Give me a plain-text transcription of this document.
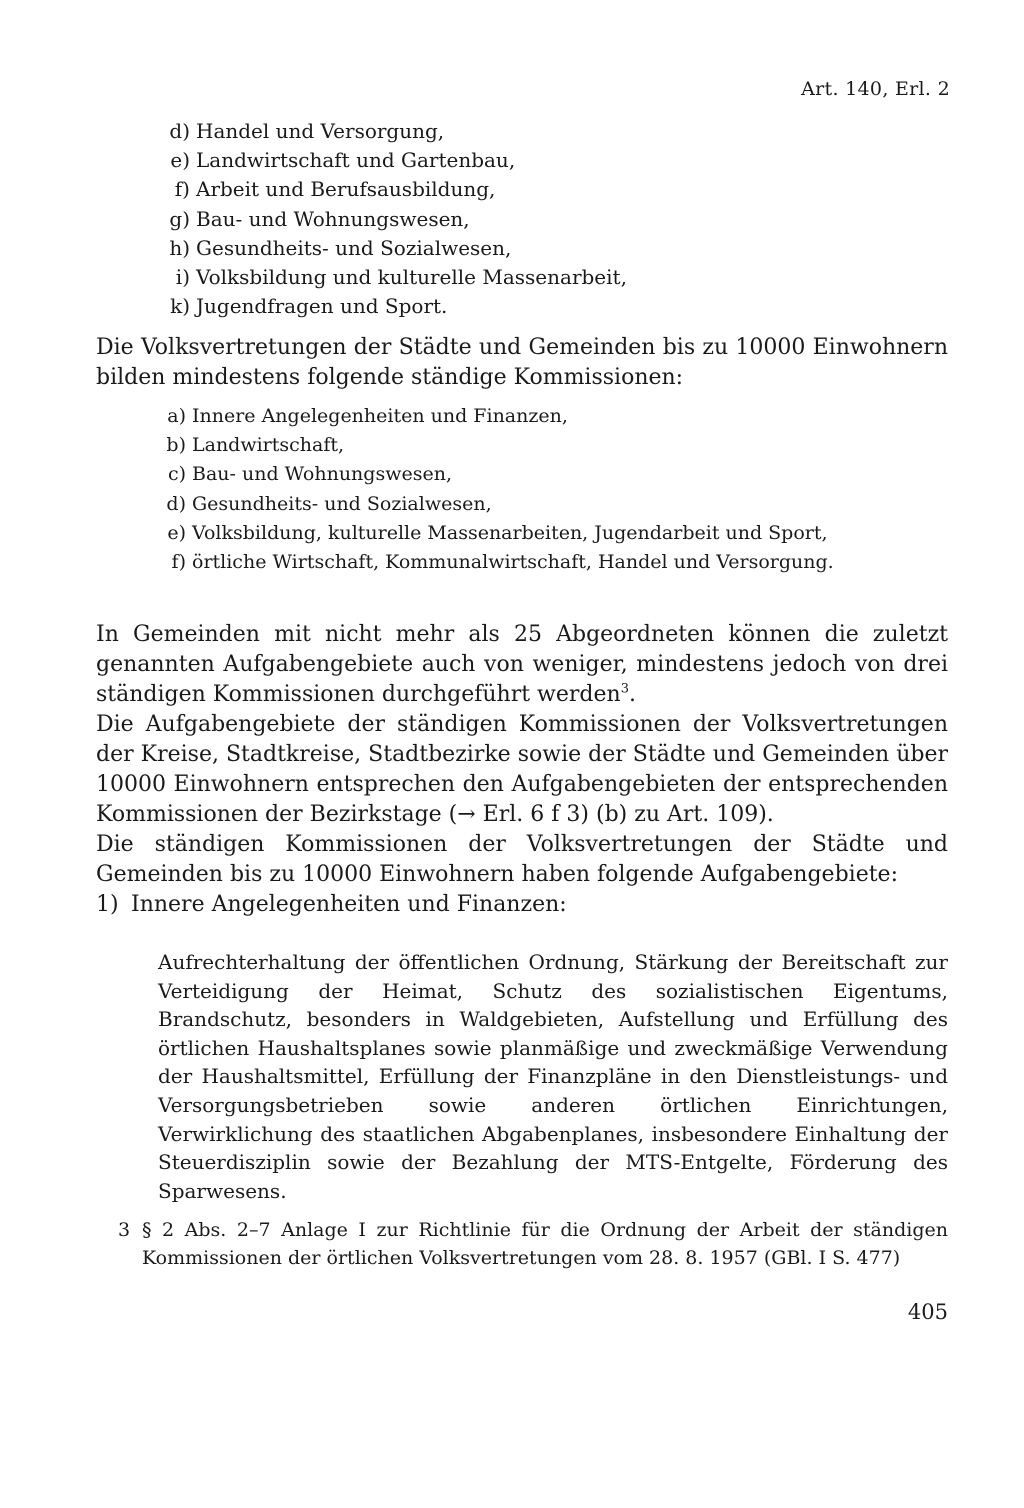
Art. 140, Erl. 2
d) Handel und Versorgung,
e) Landwirtschaft und Gartenbau,
f) Arbeit und Berufsausbildung,
g) Bau- und Wohnungswesen,
h) Gesundheits- und Sozialwesen,
i) Volksbildung und kulturelle Massenarbeit,
k) Jugendfragen und Sport.

Die Volksvertretungen der Städte und Gemeinden bis zu 10000 Einwohnern bilden mindestens folgende ständige Kommissionen:

a) Innere Angelegenheiten und Finanzen,
b) Landwirtschaft,
c) Bau- und Wohnungswesen,
d) Gesundheits- und Sozialwesen,
e) Volksbildung, kulturelle Massenarbeiten, Jugendarbeit und Sport,
f) örtliche Wirtschaft, Kommunalwirtschaft, Handel und Versorgung.

In Gemeinden mit nicht mehr als 25 Abgeordneten können die zuletzt genannten Aufgabengebiete auch von weniger, mindestens jedoch von drei ständigen Kommissionen durchgeführt werden$^3$.

Die Aufgabengebiete der ständigen Kommissionen der Volksvertretungen der Kreise, Stadtkreise, Stadtbezirke sowie der Städte und Gemeinden über 10000 Einwohnern entsprechen den Aufgabengebieten der entsprechenden Kommissionen der Bezirkstage (→ Erl. 6 f 3) (b) zu Art. 109).

Die ständigen Kommissionen der Volksvertretungen der Städte und Gemeinden bis zu 10000 Einwohnern haben folgende Aufgabengebiete:

1) Innere Angelegenheiten und Finanzen:

Aufrechterhaltung der öffentlichen Ordnung, Stärkung der Bereitschaft zur Verteidigung der Heimat, Schutz des sozialistischen Eigentums, Brandschutz, besonders in Waldgebieten, Aufstellung und Erfüllung des örtlichen Haushaltsplanes sowie planmäßige und zweckmäßige Verwendung der Haushaltsmittel, Erfüllung der Finanzpläne in den Dienstleistungs- und Versorgungsbetrieben sowie anderen örtlichen Einrichtungen, Verwirklichung des staatlichen Abgabenplanes, insbesondere Einhaltung der Steuerdisziplin sowie der Bezahlung der MTS-Entgelte, Förderung des Sparwesens.

3 § 2 Abs. 2–7 Anlage I zur Richtlinie für die Ordnung der Arbeit der ständigen Kommissionen der örtlichen Volksvertretungen vom 28. 8. 1957 (GBl. I S. 477)
405
